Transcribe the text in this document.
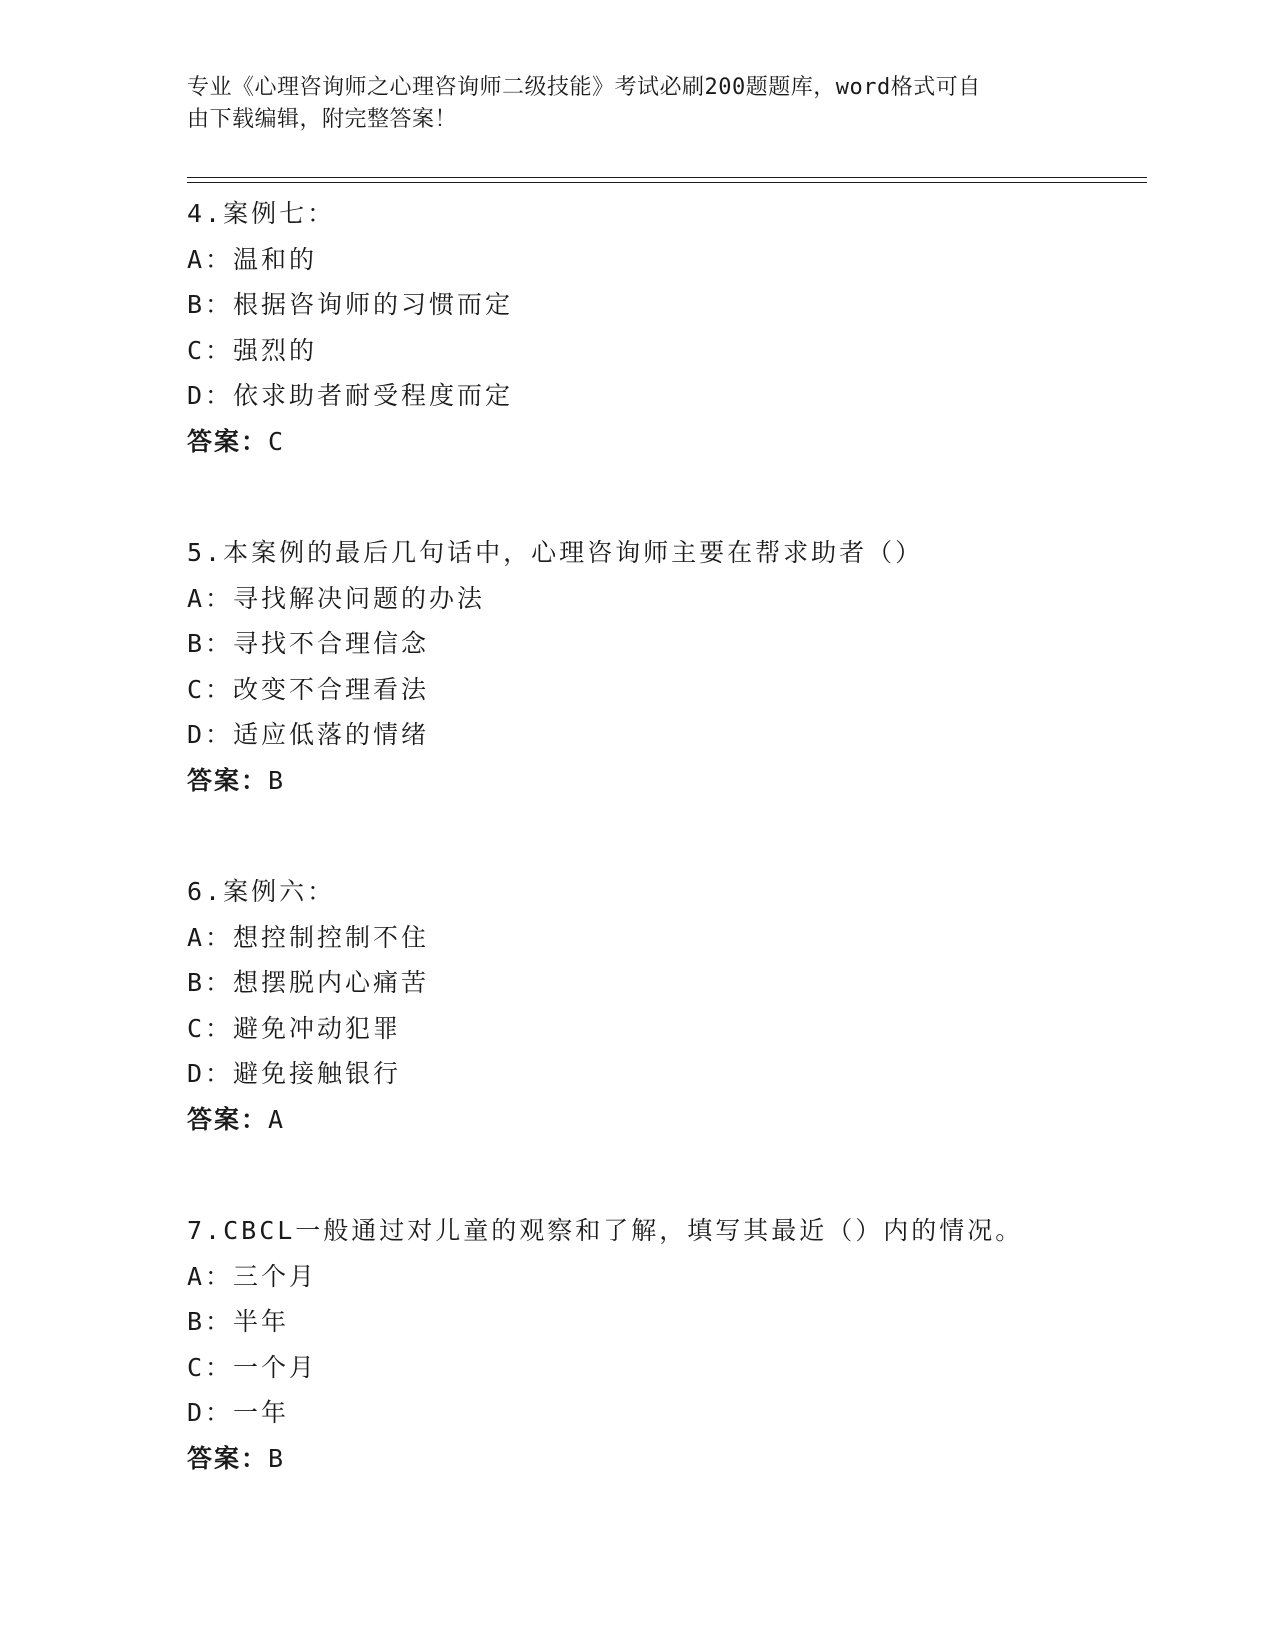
专业《心理咨询师之心理咨询师二级技能》考试必刷200题题库，word格式可自
由下载编辑，附完整答案！
4.案例七：
A：温和的
B：根据咨询师的习惯而定
C：强烈的
D：依求助者耐受程度而定
答案：C
5.本案例的最后几句话中，心理咨询师主要在帮求助者（）
A：寻找解决问题的办法
B：寻找不合理信念
C：改变不合理看法
D：适应低落的情绪
答案：B
6.案例六：
A：想控制控制不住
B：想摆脱内心痛苦
C：避免冲动犯罪
D：避免接触银行
答案：A
7.CBCL一般通过对儿童的观察和了解，填写其最近（）内的情况。
A：三个月
B：半年
C：一个月
D：一年
答案：B
